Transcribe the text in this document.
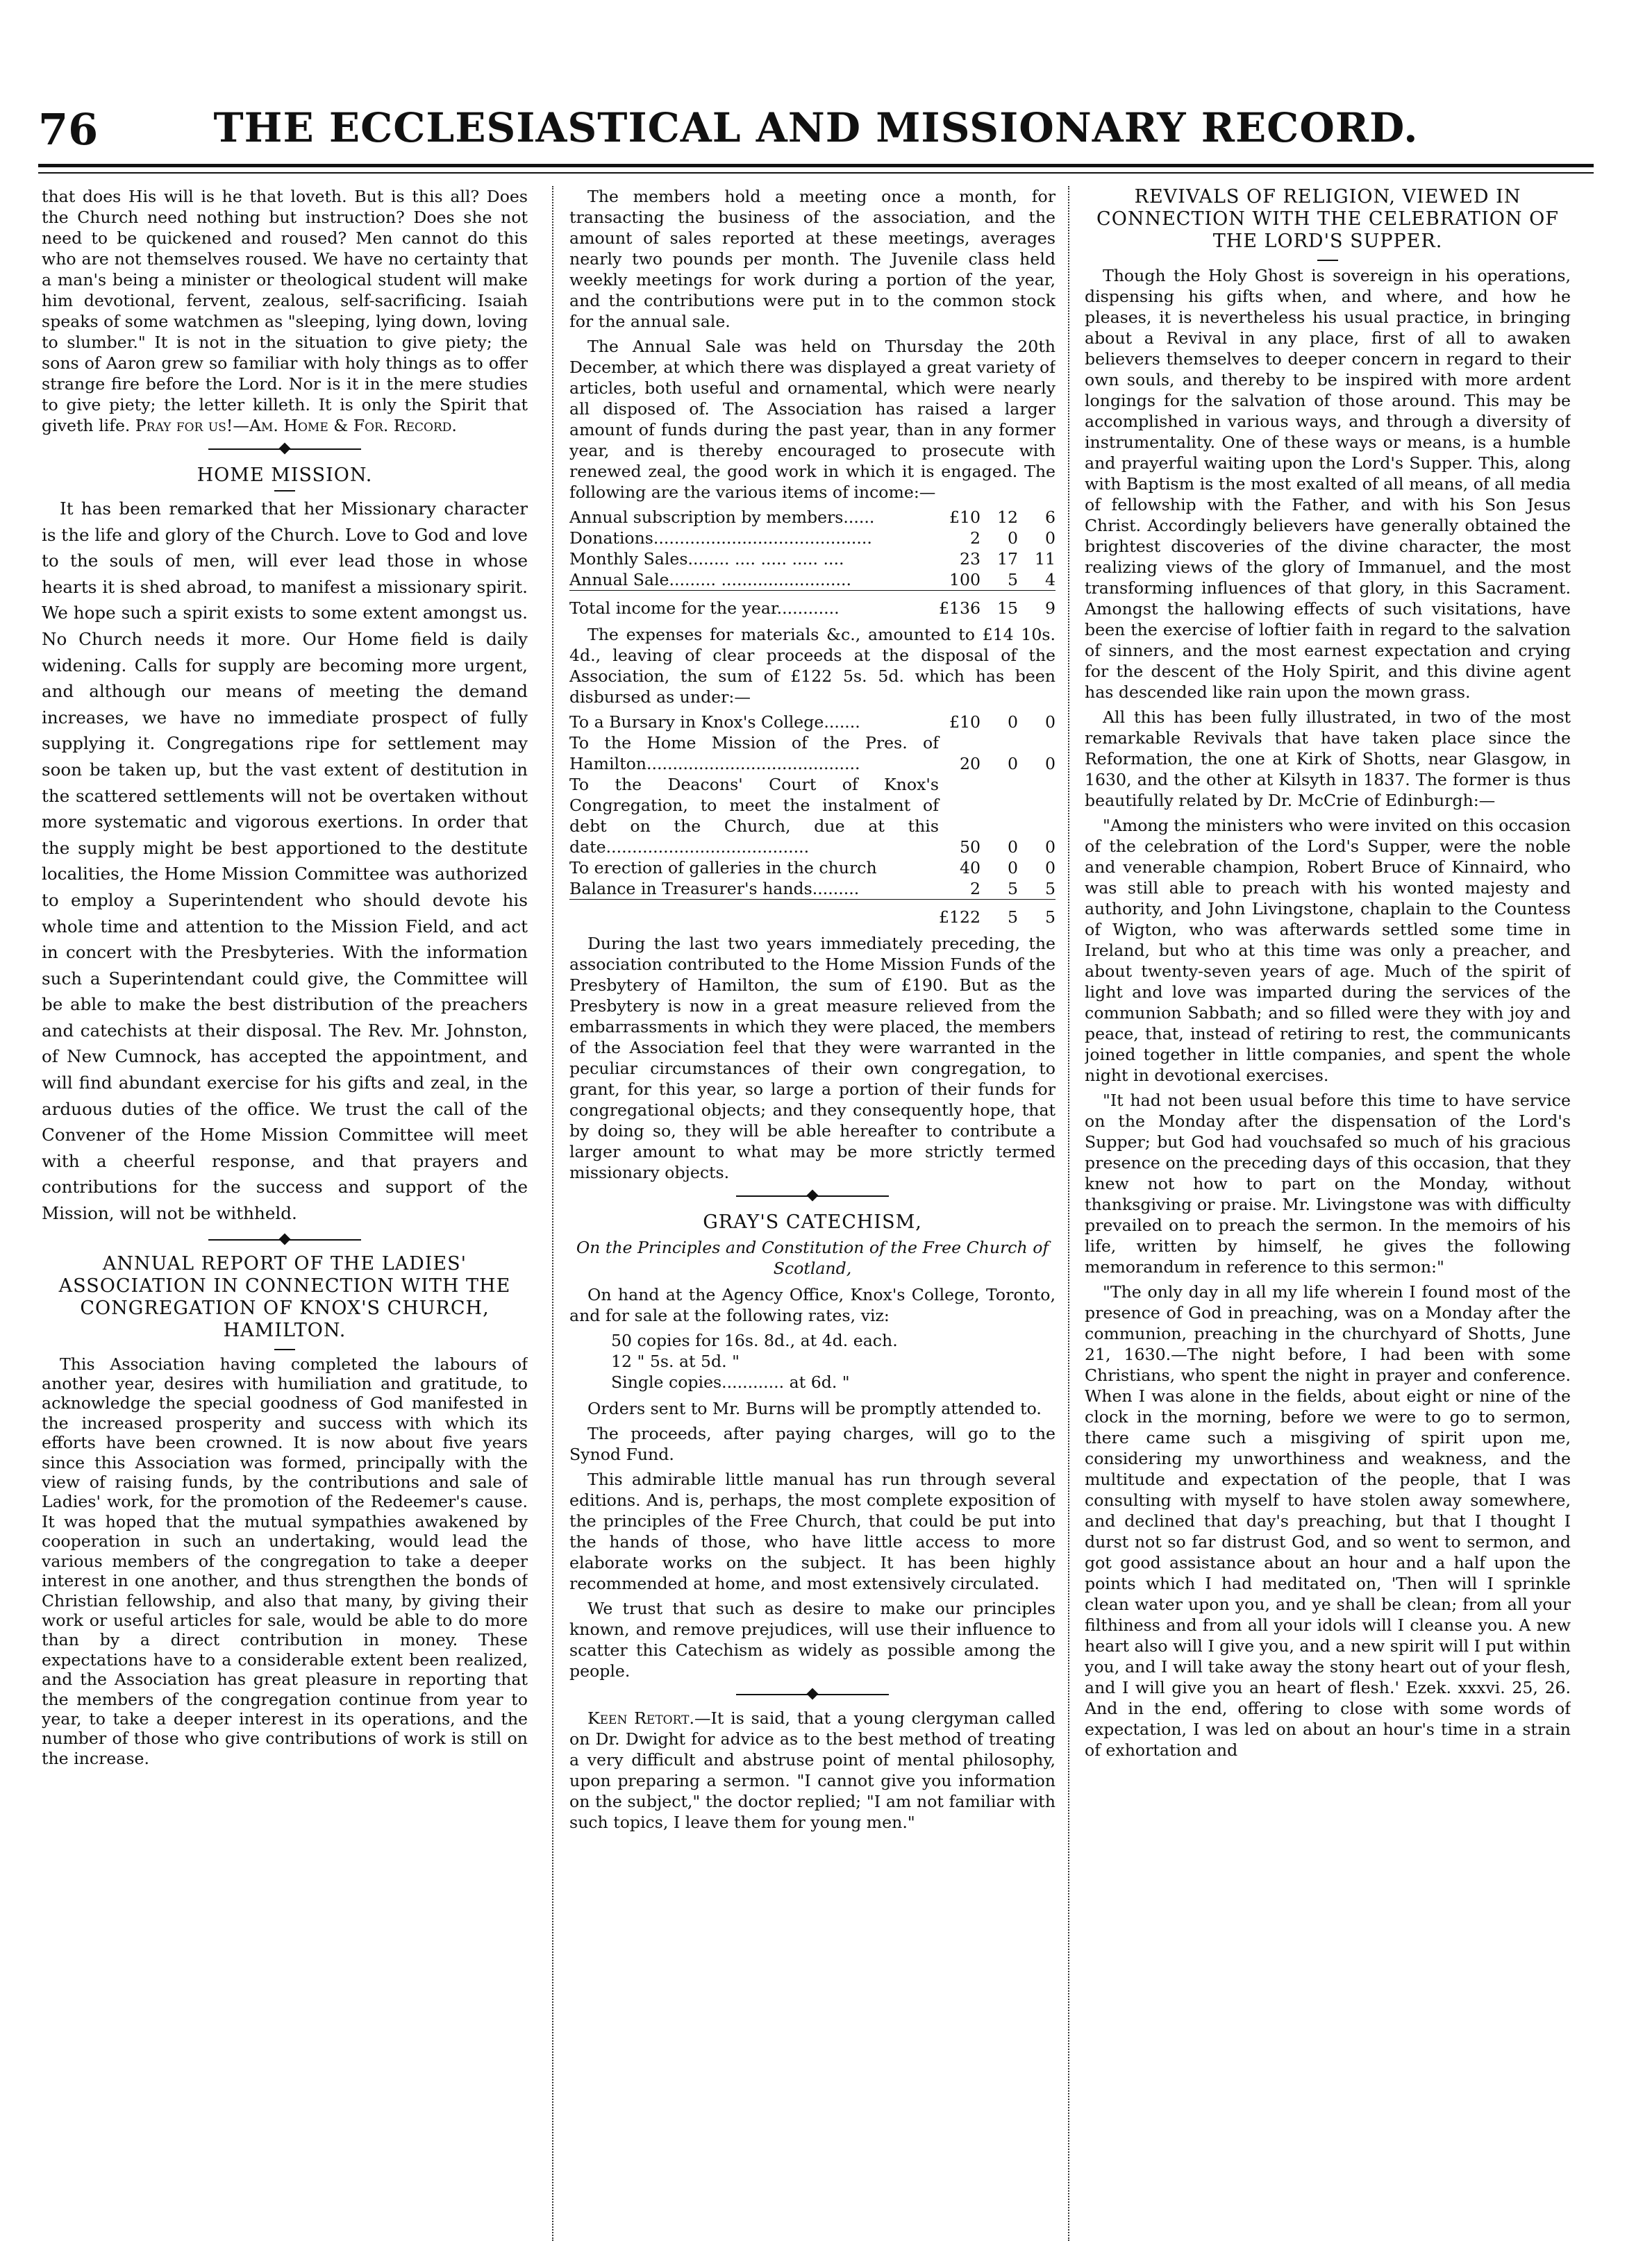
76	THE ECCLESIASTICAL AND MISSIONARY RECORD.

that does His will is he that loveth. But is this all? Does the Church need nothing but instruction? Does she not need to be quickened and roused? Men cannot do this who are not themselves roused. We have no certainty that a man's being a minister or theological student will make him devotional, fervent, zealous, self-sacrificing. Isaiah speaks of some watchmen as "sleeping, lying down, loving to slumber." It is not in the situation to give piety; the sons of Aaron grew so familiar with holy things as to offer strange fire before the Lord. Nor is it in the mere studies to give piety; the letter killeth. It is only the Spirit that giveth life. Pray for us!—Am. Home & For. Record.

HOME MISSION.

It has been remarked that her Missionary character is the life and glory of the Church. Love to God and love to the souls of men, will ever lead those in whose hearts it is shed abroad, to manifest a missionary spirit. We hope such a spirit exists to some extent amongst us. No Church needs it more. Our Home field is daily widening. Calls for supply are becoming more urgent, and although our means of meeting the demand increases, we have no immediate prospect of fully supplying it. Congregations ripe for settlement may soon be taken up, but the vast extent of destitution in the scattered settlements will not be overtaken without more systematic and vigorous exertions. In order that the supply might be best apportioned to the destitute localities, the Home Mission Committee was authorized to employ a Superintendent who should devote his whole time and attention to the Mission Field, and act in concert with the Presbyteries. With the information such a Superintendant could give, the Committee will be able to make the best distribution of the preachers and catechists at their disposal. The Rev. Mr. Johnston, of New Cumnock, has accepted the appointment, and will find abundant exercise for his gifts and zeal, in the arduous duties of the office. We trust the call of the Convener of the Home Mission Committee will meet with a cheerful response, and that prayers and contributions for the success and support of the Mission, will not be withheld.

ANNUAL REPORT OF THE LADIES' ASSOCIATION IN CONNECTION WITH THE CONGREGATION OF KNOX'S CHURCH, HAMILTON.

This Association having completed the labours of another year, desires with humiliation and gratitude, to acknowledge the special goodness of God manifested in the increased prosperity and success with which its efforts have been crowned. It is now about five years since this Association was formed, principally with the view of raising funds, by the contributions and sale of Ladies' work, for the promotion of the Redeemer's cause. It was hoped that the mutual sympathies awakened by cooperation in such an undertaking, would lead the various members of the congregation to take a deeper interest in one another, and thus strengthen the bonds of Christian fellowship, and also that many, by giving their work or useful articles for sale, would be able to do more than by a direct contribution in money. These expectations have to a considerable extent been realized, and the Association has great pleasure in reporting that the members of the congregation continue from year to year, to take a deeper interest in its operations, and the number of those who give contributions of work is still on the increase.

The members hold a meeting once a month, for transacting the business of the association, and the amount of sales reported at these meetings, averages nearly two pounds per month. The Juvenile class held weekly meetings for work during a portion of the year, and the contributions were put in to the common stock for the annual sale.

The Annual Sale was held on Thursday the 20th December, at which there was displayed a great variety of articles, both useful and ornamental, which were nearly all disposed of. The Association has raised a larger amount of funds during the past year, than in any former year, and is thereby encouraged to prosecute with renewed zeal, the good work in which it is engaged. The following are the various items of income:—

Annual subscription by members......	£10	12	6
Donations..........................................	2	0	0
Monthly Sales........ .... ..... ..... ....	23	17	11
Annual Sale......... .........................	100	5	4
Total income for the year............	£136	15	9

The expenses for materials &c., amounted to £14 10s. 4d., leaving of clear proceeds at the disposal of the Association, the sum of £122 5s. 5d. which has been disbursed as under:—

To a Bursary in Knox's College.......	£10	0	0
To the Home Mission of the Pres. of Hamilton.........................................	20	0	0
To the Deacons' Court of Knox's Congregation, to meet the instalment of debt on the Church, due at this date.......................................	50	0	0
To erection of galleries in the church	40	0	0
Balance in Treasurer's hands.........	2	5	5
	£122	5	5

During the last two years immediately preceding, the association contributed to the Home Mission Funds of the Presbytery of Hamilton, the sum of £190. But as the Presbytery is now in a great measure relieved from the embarrassments in which they were placed, the members of the Association feel that they were warranted in the peculiar circumstances of their own congregation, to grant, for this year, so large a portion of their funds for congregational objects; and they consequently hope, that by doing so, they will be able hereafter to contribute a larger amount to what may be more strictly termed missionary objects.

GRAY'S CATECHISM,
On the Principles and Constitution of the Free Church of Scotland,

On hand at the Agency Office, Knox's College, Toronto, and for sale at the following rates, viz:

50 copies for 16s. 8d., at 4d. each.
12 " 5s. at 5d. "
Single copies............ at 6d. "

Orders sent to Mr. Burns will be promptly attended to.

The proceeds, after paying charges, will go to the Synod Fund.

This admirable little manual has run through several editions. And is, perhaps, the most complete exposition of the principles of the Free Church, that could be put into the hands of those, who have little access to more elaborate works on the subject. It has been highly recommended at home, and most extensively circulated.

We trust that such as desire to make our principles known, and remove prejudices, will use their influence to scatter this Catechism as widely as possible among the people.

Keen Retort.—It is said, that a young clergyman called on Dr. Dwight for advice as to the best method of treating a very difficult and abstruse point of mental philosophy, upon preparing a sermon. "I cannot give you information on the subject," the doctor replied; "I am not familiar with such topics, I leave them for young men."

REVIVALS OF RELIGION, VIEWED IN CONNECTION WITH THE CELEBRATION OF THE LORD'S SUPPER.

Though the Holy Ghost is sovereign in his operations, dispensing his gifts when, and where, and how he pleases, it is nevertheless his usual practice, in bringing about a Revival in any place, first of all to awaken believers themselves to deeper concern in regard to their own souls, and thereby to be inspired with more ardent longings for the salvation of those around. This may be accomplished in various ways, and through a diversity of instrumentality. One of these ways or means, is a humble and prayerful waiting upon the Lord's Supper. This, along with Baptism is the most exalted of all means, of all media of fellowship with the Father, and with his Son Jesus Christ. Accordingly believers have generally obtained the brightest discoveries of the divine character, the most realizing views of the glory of Immanuel, and the most transforming influences of that glory, in this Sacrament. Amongst the hallowing effects of such visitations, have been the exercise of loftier faith in regard to the salvation of sinners, and the most earnest expectation and crying for the descent of the Holy Spirit, and this divine agent has descended like rain upon the mown grass.

All this has been fully illustrated, in two of the most remarkable Revivals that have taken place since the Reformation, the one at Kirk of Shotts, near Glasgow, in 1630, and the other at Kilsyth in 1837. The former is thus beautifully related by Dr. McCrie of Edinburgh:—

"Among the ministers who were invited on this occasion of the celebration of the Lord's Supper, were the noble and venerable champion, Robert Bruce of Kinnaird, who was still able to preach with his wonted majesty and authority, and John Livingstone, chaplain to the Countess of Wigton, who was afterwards settled some time in Ireland, but who at this time was only a preacher, and about twenty-seven years of age. Much of the spirit of light and love was imparted during the services of the communion Sabbath; and so filled were they with joy and peace, that, instead of retiring to rest, the communicants joined together in little companies, and spent the whole night in devotional exercises.

"It had not been usual before this time to have service on the Monday after the dispensation of the Lord's Supper; but God had vouchsafed so much of his gracious presence on the preceding days of this occasion, that they knew not how to part on the Monday, without thanksgiving or praise. Mr. Livingstone was with difficulty prevailed on to preach the sermon. In the memoirs of his life, written by himself, he gives the following memorandum in reference to this sermon:"

"The only day in all my life wherein I found most of the presence of God in preaching, was on a Monday after the communion, preaching in the churchyard of Shotts, June 21, 1630.—The night before, I had been with some Christians, who spent the night in prayer and conference. When I was alone in the fields, about eight or nine of the clock in the morning, before we were to go to sermon, there came such a misgiving of spirit upon me, considering my unworthiness and weakness, and the multitude and expectation of the people, that I was consulting with myself to have stolen away somewhere, and declined that day's preaching, but that I thought I durst not so far distrust God, and so went to sermon, and got good assistance about an hour and a half upon the points which I had meditated on, 'Then will I sprinkle clean water upon you, and ye shall be clean; from all your filthiness and from all your idols will I cleanse you. A new heart also will I give you, and a new spirit will I put within you, and I will take away the stony heart out of your flesh, and I will give you an heart of flesh.' Ezek. xxxvi. 25, 26. And in the end, offering to close with some words of expectation, I was led on about an hour's time in a strain of exhortation and
